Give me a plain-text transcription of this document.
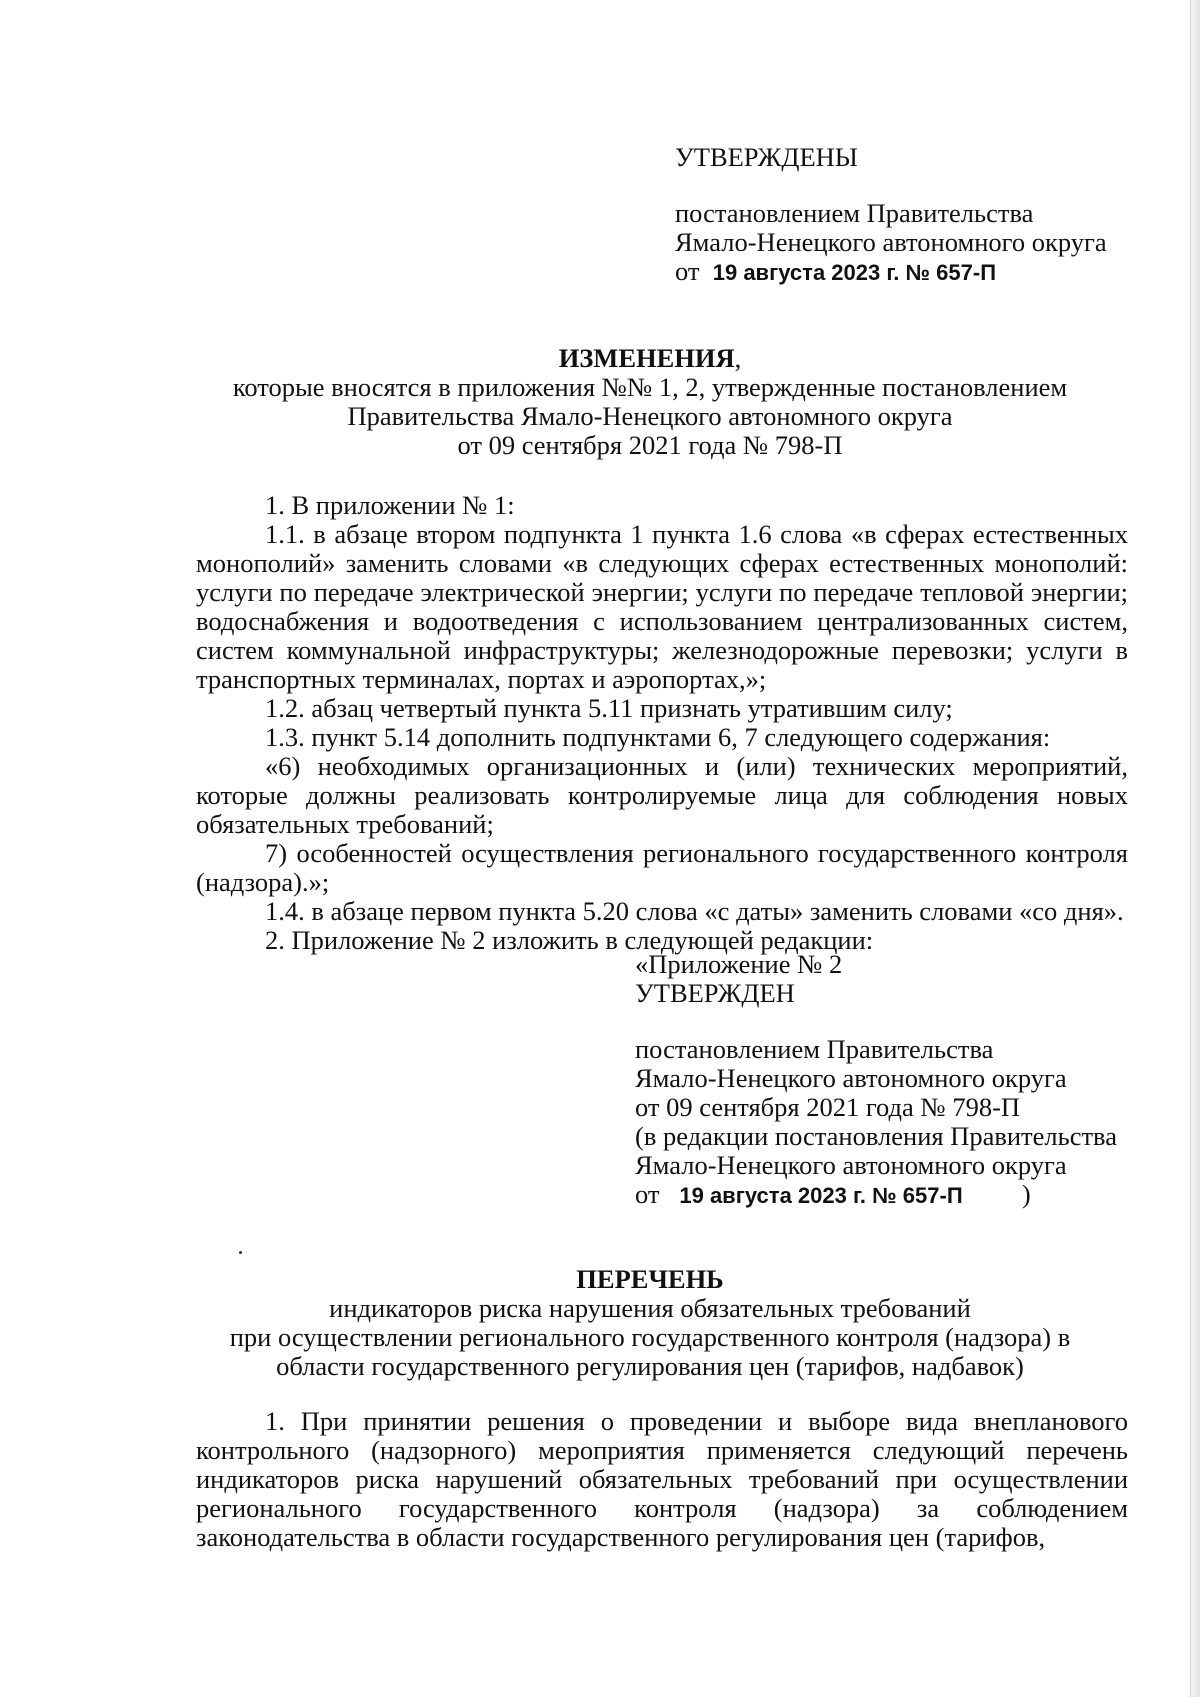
УТВЕРЖДЕНЫ
постановлением Правительства
Ямало-Ненецкого автономного округа
от 19 августа 2023 г. № 657-П
ИЗМЕНЕНИЯ,
которые вносятся в приложения №№ 1, 2, утвержденные постановлением
Правительства Ямало-Ненецкого автономного округа
от 09 сентября 2021 года № 798-П

1. В приложении № 1:

1.1. в абзаце втором подпункта 1 пункта 1.6 слова «в сферах естественных монополий» заменить словами «в следующих сферах естественных монополий: услуги по передаче электрической энергии; услуги по передаче тепловой энергии; водоснабжения и водоотведения с использованием централизованных систем, систем коммунальной инфраструктуры; железнодорожные перевозки; услуги в транспортных терминалах, портах и аэропортах,»;

1.2. абзац четвертый пункта 5.11 признать утратившим силу;

1.3. пункт 5.14 дополнить подпунктами 6, 7 следующего содержания:

«6) необходимых организационных и (или) технических мероприятий, которые должны реализовать контролируемые лица для соблюдения новых обязательных требований;

7) особенностей осуществления регионального государственного контроля (надзора).»;

1.4. в абзаце первом пункта 5.20 слова «с даты» заменить словами «со дня».

2. Приложение № 2 изложить в следующей редакции:

«Приложение № 2
УТВЕРЖДЕН
постановлением Правительства
Ямало-Ненецкого автономного округа
от 09 сентября 2021 года № 798-П
(в редакции постановления Правительства
Ямало-Ненецкого автономного округа
от 19 августа 2023 г. № 657-П )
ПЕРЕЧЕНЬ
индикаторов риска нарушения обязательных требований
при осуществлении регионального государственного контроля (надзора) в
области государственного регулирования цен (тарифов, надбавок)

1. При принятии решения о проведении и выборе вида внепланового контрольного (надзорного) мероприятия применяется следующий перечень индикаторов риска нарушений обязательных требований при осуществлении регионального государственного контроля (надзора) за соблюдением законодательства в области государственного регулирования цен (тарифов,
